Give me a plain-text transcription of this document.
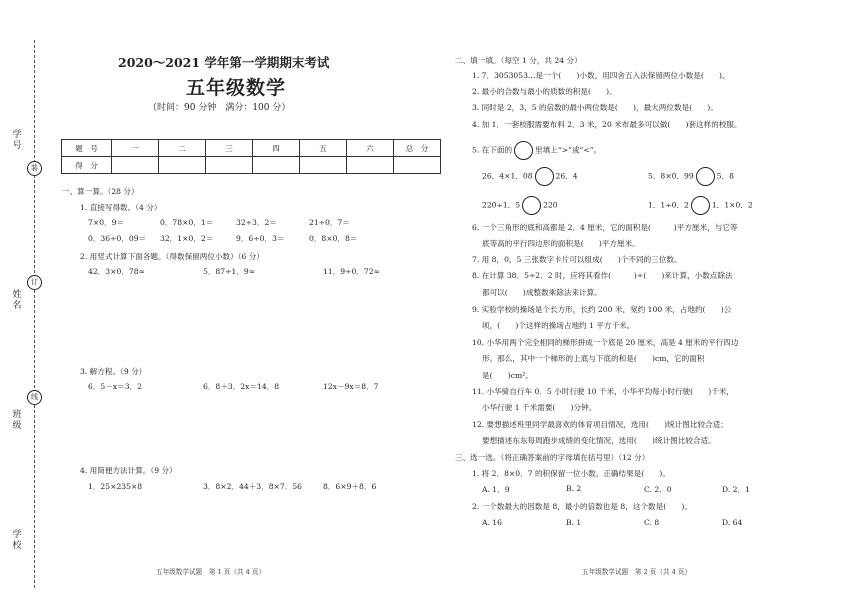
学 号
姓 名
班 级
学 校
装
订
线
2020～2021 学年第一学期期末考试
五年级数学
（时间：90 分钟　满分：100 分）
题　号	一	二	三	四	五	六	总　分
得　分							
一、算一算。（28 分）
1. 直接写得数。（4 分）
7×0．9＝	0．78×0．1＝	32÷3．2＝	21÷0．7＝
0．36÷0．09＝ 32．1×0．2＝	9．6÷0．3＝	0．8×0．8＝
2. 用竖式计算下面各题。（得数保留两位小数）（6 分）
42．3×0．78≈	5．87÷1．9≈	11．9÷0．72≈
3. 解方程。（9 分）
6．5－x＝3．2	6．8＋3．2x＝14．8	12x－9x＝8．7
4. 用简便方法计算。（9 分）
1．25×235×8	3．8×2．44＋3．8×7．56	8．6×9＋8．6
五年级数学试题　第 1 页（共 4 页）
二、填一填。（每空 1 分，共 24 分）
1. 7．3053053…是一个(　　)小数，用四舍五入法保留两位小数是(　　)。
2. 最小的合数与最小的质数的积是(　　)。
3. 同时是 2，3，5 的倍数的最小两位数是(　　)，最大两位数是(　　)。
4. 加 1．一套校服需要布料 2．3 米，20 米布最多可以做(　　)套这样的校服。
5. 在下面的	里填上“>”或“<”。
26．4×1．08	26．4	5．8×0．99	5．8
220÷1．5	220	1．1÷0．2	1．1×0．2
6. 一个三角形的底和高都是 2．4 厘米，它的面积是(　　　)平方厘米，与它等
底等高的平行四边形的面积是(　　)平方厘米。
7. 用 8，0，5 三张数字卡片可以组成(　　)个不同的三位数。
8. 在计算 38．5÷2．2 时，应将其看作(　　　)÷(　　)来计算，小数点除法
都可以(　　)成整数乘除法来计算。
9. 实验学校的操场是个长方形，长约 200 米，宽约 100 米，占地约(　　)公
顷，(　　)个这样的操场占地约 1 平方千米。
10. 小华用两个完全相同的梯形拼成一个底是 20 厘米，高是 4 厘米的平行四边
形。那么，其中一个梯形的上底与下底的和是(　　)cm，它的面积
是(　　)cm²。
11. 小华骑自行车 0．5 小时行驶 10 千米，小华平均每小时行驶(　　)千米，
小华行驶 1 千米需要(　　)分钟。
12. 要想描述班里同学最喜欢的体育项目情况，选用(　　)统计图比较合适；
要想描述东东每周跑步成绩的变化情况，选用(　　)统计图比较合适。
三、选一选。（将正确答案前的字母填在括号里）（12 分）
1. 将 2．8×0．7 的积保留一位小数，正确结果是(　　)。
A. 1．9	B. 2	C. 2．0	D. 2．1
2. 一个数最大的因数是 8，最小的倍数也是 8，这个数是(　　)。
A. 16	B. 1	C. 8	D. 64
五年级数学试题　第 2 页（共 4 页）
